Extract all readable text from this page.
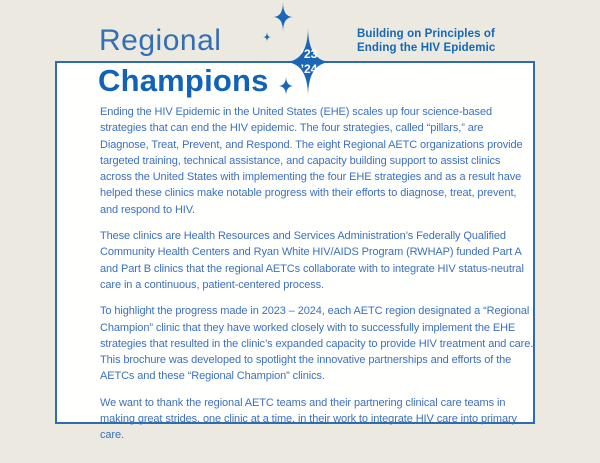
Regional
Champions
Building on Principles of
Ending the HIV Epidemic
’23
’24

Ending the HIV Epidemic in the United States (EHE) scales up four science-based strategies that can end the HIV epidemic. The four strategies, called “pillars,” are Diagnose, Treat, Prevent, and Respond. The eight Regional AETC organizations provide targeted training, technical assistance, and capacity building support to assist clinics across the United States with implementing the four EHE strategies and as a result have helped these clinics make notable progress with their efforts to diagnose, treat, prevent, and respond to HIV.

These clinics are Health Resources and Services Administration’s Federally Qualified Community Health Centers and Ryan White HIV/AIDS Program (RWHAP) funded Part A and Part B clinics that the regional AETCs collaborate with to integrate HIV status-neutral care in a continuous, patient-centered process.

To highlight the progress made in 2023 – 2024, each AETC region designated a “Regional Champion” clinic that they have worked closely with to successfully implement the EHE strategies that resulted in the clinic’s expanded capacity to provide HIV treatment and care. This brochure was developed to spotlight the innovative partnerships and efforts of the AETCs and these “Regional Champion” clinics.

We want to thank the regional AETC teams and their partnering clinical care teams in making great strides, one clinic at a time, in their work to integrate HIV care into primary care.
